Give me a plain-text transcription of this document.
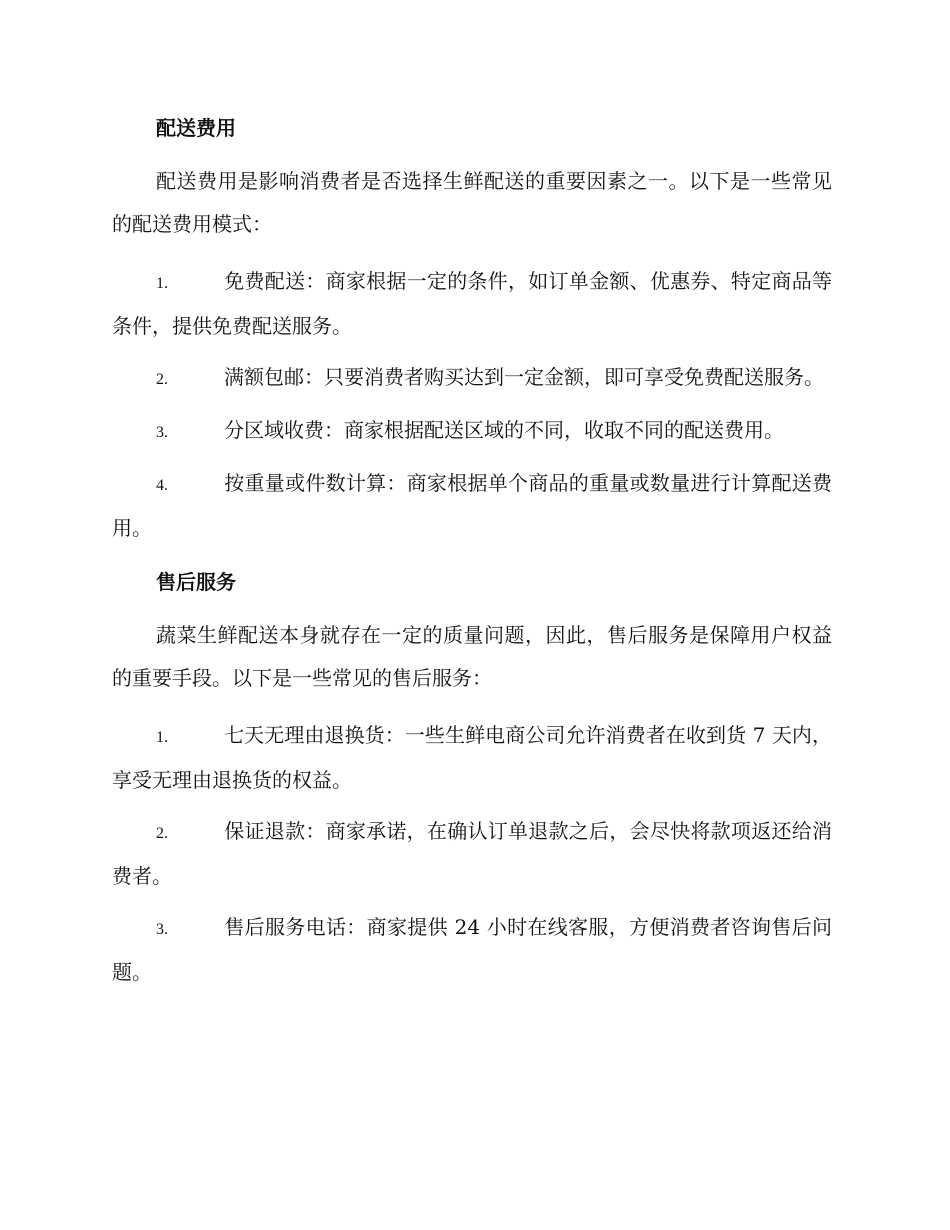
配送费用

配送费用是影响消费者是否选择生鲜配送的重要因素之一。以下是一些常见的配送费用模式：

1.	免费配送：商家根据一定的条件，如订单金额、优惠券、特定商品等条件，提供免费配送服务。

2.	满额包邮：只要消费者购买达到一定金额，即可享受免费配送服务。

3.	分区域收费：商家根据配送区域的不同，收取不同的配送费用。

4.	按重量或件数计算：商家根据单个商品的重量或数量进行计算配送费用。

售后服务

蔬菜生鲜配送本身就存在一定的质量问题，因此，售后服务是保障用户权益的重要手段。以下是一些常见的售后服务：

1.	七天无理由退换货：一些生鲜电商公司允许消费者在收到货 7 天内，享受无理由退换货的权益。

2.	保证退款：商家承诺，在确认订单退款之后，会尽快将款项返还给消费者。

3.	售后服务电话：商家提供 24 小时在线客服，方便消费者咨询售后问题。
